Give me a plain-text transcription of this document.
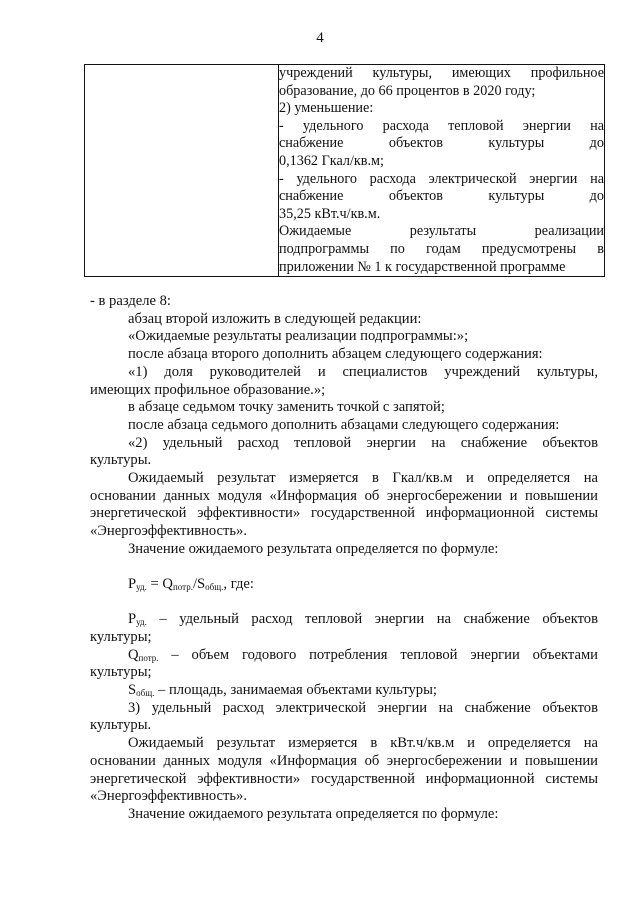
4

учреждений культуры, имеющих профильное
образование, до 66 процентов в 2020 году;
2) уменьшение:
- удельного расхода тепловой энергии на
снабжение объектов культуры до
0,1362 Гкал/кв.м;
- удельного расхода электрической энергии на
снабжение объектов культуры до
35,25 кВт.ч/кв.м.
Ожидаемые результаты реализации
подпрограммы по годам предусмотрены в
приложении № 1 к государственной программе
- в разделе 8:
абзац второй изложить в следующей редакции:
«Ожидаемые результаты реализации подпрограммы:»;
после абзаца второго дополнить абзацем следующего содержания:
«1) доля руководителей и специалистов учреждений культуры,
имеющих профильное образование.»;
в абзаце седьмом точку заменить точкой с запятой;
после абзаца седьмого дополнить абзацами следующего содержания:
«2) удельный расход тепловой энергии на снабжение объектов
культуры.
Ожидаемый результат измеряется в Гкал/кв.м и определяется на
основании данных модуля «Информация об энергосбережении и повышении
энергетической эффективности» государственной информационной системы
«Энергоэффективность».
Значение ожидаемого результата определяется по формуле:
$P_{уд.} = Q_{потр.}/S_{общ.}$, где:
$P_{уд.}$ – удельный расход тепловой энергии на снабжение объектов
культуры;
$Q_{потр.}$ – объем годового потребления тепловой энергии объектами
культуры;
$S_{общ.}$ – площадь, занимаемая объектами культуры;
3) удельный расход электрической энергии на снабжение объектов
культуры.
Ожидаемый результат измеряется в кВт.ч/кв.м и определяется на
основании данных модуля «Информация об энергосбережении и повышении
энергетической эффективности» государственной информационной системы
«Энергоэффективность».
Значение ожидаемого результата определяется по формуле:
